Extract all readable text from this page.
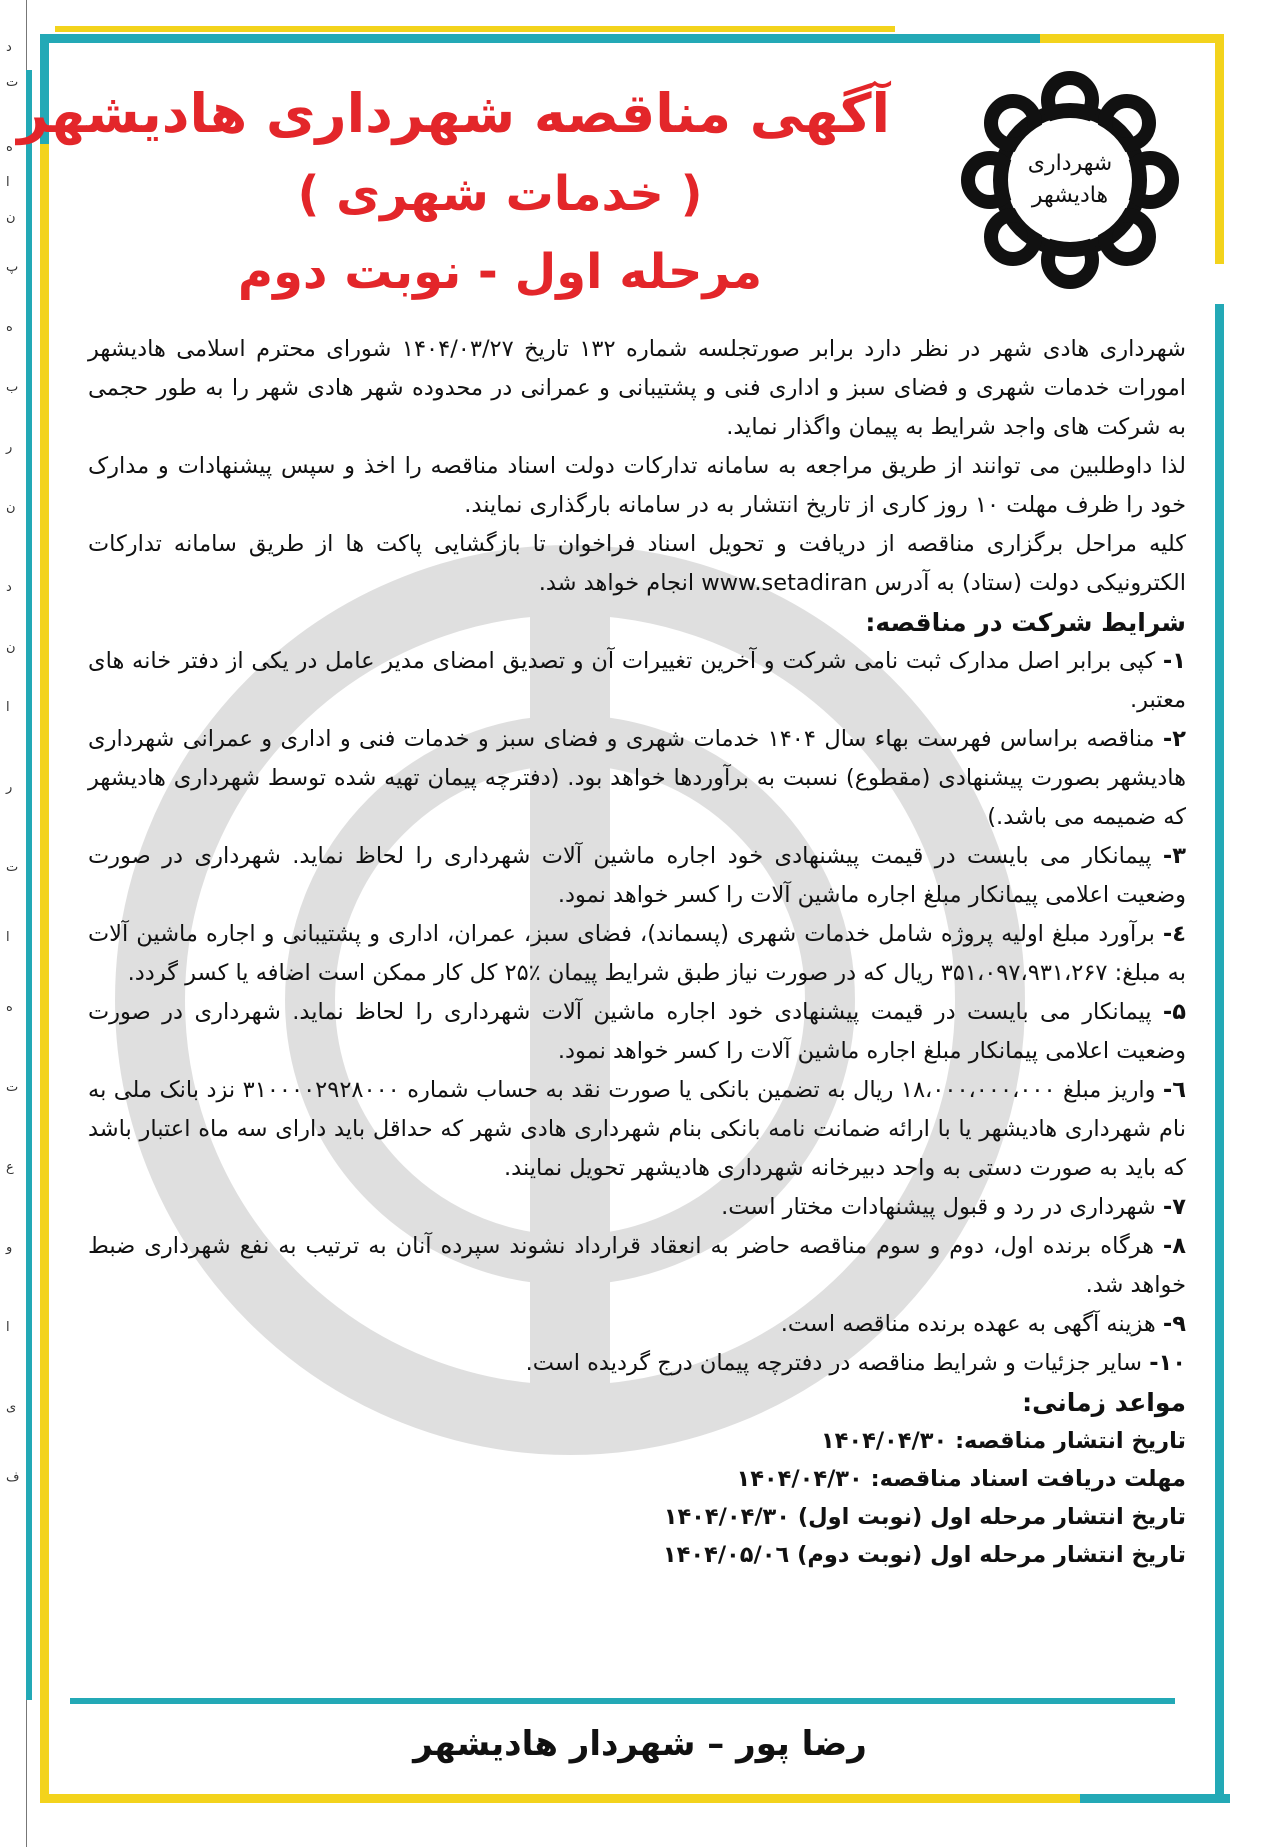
د
ت
ه
ا
ن
پ
ه
ب
ر
ن
د
ن
ا
ر
ت
ا
ه
ت
ع
و
ا
ی
ف
شهرداری
هادیشهر
آگهی مناقصه شهرداری هادیشهر
( خدمات شهری )
مرحله اول - نوبت دوم

شهرداری هادی شهر در نظر دارد برابر صورتجلسه شماره ۱۳۲ تاریخ ۱۴۰۴/۰۳/۲۷ شورای محترم اسلامی هادیشهر امورات خدمات شهری و فضای سبز و اداری فنی و پشتیبانی و عمرانی در محدوده شهر هادی شهر را به طور حجمی به شرکت های واجد شرایط به پیمان واگذار نماید.

لذا داوطلبین می توانند از طریق مراجعه به سامانه تدارکات دولت اسناد مناقصه را اخذ و سپس پیشنهادات و مدارک خود را ظرف مهلت ۱۰ روز کاری از تاریخ انتشار به در سامانه بارگذاری نمایند.

کلیه مراحل برگزاری مناقصه از دریافت و تحویل اسناد فراخوان تا بازگشایی پاکت ها از طریق سامانه تدارکات الکترونیکی دولت (ستاد) به آدرس www.setadiran انجام خواهد شد.

شرایط شرکت در مناقصه:

۱- کپی برابر اصل مدارک ثبت نامی شرکت و آخرین تغییرات آن و تصدیق امضای مدیر عامل در یکی از دفتر خانه های معتبر.

۲- مناقصه براساس فهرست بهاء سال ۱۴۰۴ خدمات شهری و فضای سبز و خدمات فنی و اداری و عمرانی شهرداری هادیشهر بصورت پیشنهادی (مقطوع) نسبت به برآوردها خواهد بود. (دفترچه پیمان تهیه شده توسط شهرداری هادیشهر که ضمیمه می باشد.)

۳- پیمانکار می بایست در قیمت پیشنهادی خود اجاره ماشین آلات شهرداری را لحاظ نماید. شهرداری در صورت وضعیت اعلامی پیمانکار مبلغ اجاره ماشین آلات را کسر خواهد نمود.

٤- برآورد مبلغ اولیه پروژه شامل خدمات شهری (پسماند)، فضای سبز، عمران، اداری و پشتیبانی و اجاره ماشین آلات به مبلغ: ۳۵۱،۰۹۷،۹۳۱،۲۶۷ ریال که در صورت نیاز طبق شرایط پیمان ٪۲۵ کل کار ممکن است اضافه یا کسر گردد.

۵- پیمانکار می بایست در قیمت پیشنهادی خود اجاره ماشین آلات شهرداری را لحاظ نماید. شهرداری در صورت وضعیت اعلامی پیمانکار مبلغ اجاره ماشین آلات را کسر خواهد نمود.

٦- واریز مبلغ ۱۸،۰۰۰،۰۰۰،۰۰۰ ریال به تضمین بانکی یا صورت نقد به حساب شماره ۳۱۰۰۰۰۲۹۲۸۰۰۰ نزد بانک ملی به نام شهرداری هادیشهر یا با ارائه ضمانت نامه بانکی بنام شهرداری هادی شهر که حداقل باید دارای سه ماه اعتبار باشد که باید به صورت دستی به واحد دبیرخانه شهرداری هادیشهر تحویل نمایند.

۷- شهرداری در رد و قبول پیشنهادات مختار است.

۸- هرگاه برنده اول، دوم و سوم مناقصه حاضر به انعقاد قرارداد نشوند سپرده آنان به ترتیب به نفع شهرداری ضبط خواهد شد.

۹- هزینه آگهی به عهده برنده مناقصه است.

۱۰- سایر جزئیات و شرایط مناقصه در دفترچه پیمان درج گردیده است.

مواعد زمانی:

تاریخ انتشار مناقصه: ۱۴۰۴/۰۴/۳۰
مهلت دریافت اسناد مناقصه: ۱۴۰۴/۰۴/۳۰
تاریخ انتشار مرحله اول (نوبت اول) ۱۴۰۴/۰۴/۳۰
تاریخ انتشار مرحله اول (نوبت دوم) ۱۴۰۴/۰۵/۰٦
رضا پور – شهردار هادیشهر
